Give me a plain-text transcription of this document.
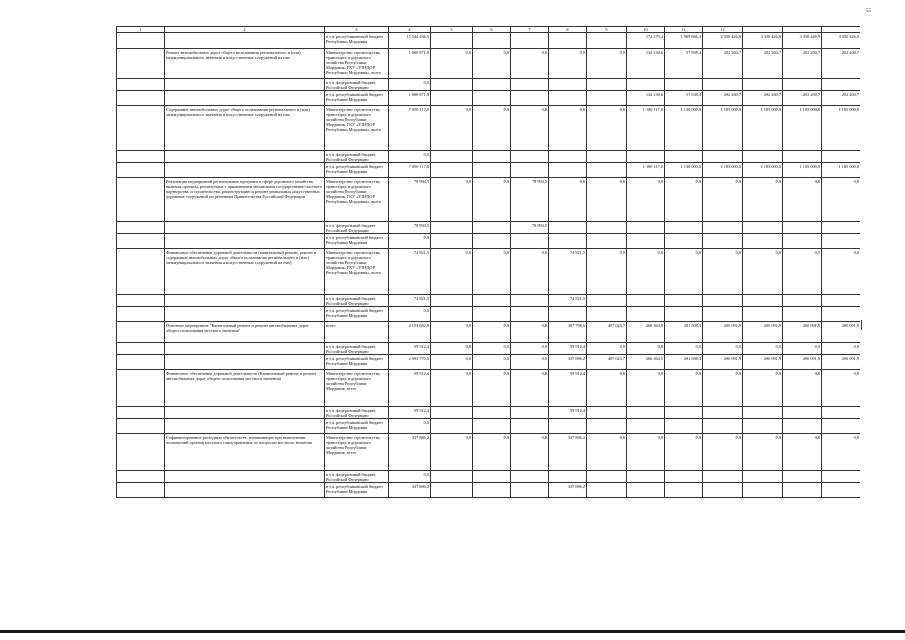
55
1	2	3	4	5	6	7	8	9	10	11	12			
		в т.ч. республиканский бюджет Республики Мордовия	15 544 436,5						172 279,4	1 969 666,3	2 350 426,9	3 350 426,9	3 350 426,9	3 350 426,9
	Ремонт автомобильных дорог общего пользования регионального и (или) межмуниципального значения и искусственных сооружений на них	Министерство строительства, транспорта и дорожного хозяйства Республики Мордовия, ГКУ «УПРДОР Республики Мордовия», всего	1 000 871,8	0,0	0,0	0,0	0,0	0,0	134 130,6	57 938,4	202 200,7	202 200,7	202 200,7	202 200,7
		в т.ч. федеральный бюджет Российской Федерации	0,0											
		в т.ч. республиканский бюджет Республики Мордовия	1 000 871,8						134 130,6	57 938,4	202 200,7	202 200,7	202 200,7	202 200,7
	Содержание автомобильных дорог общего пользования регионального и (или) межмуниципального значения и искусственных сооружений на них	Министерство строительства, транспорта и дорожного хозяйства Республики Мордовия, ГКУ «УПРДОР Республики Мордовия», всего	7 050 117,0	0,0	0,0	0,0	0,0	0,0	1 180 117,0	1 130 000,0	1 185 000,0	1 185 000,0	1 185 000,0	1 185 000,0
		в т.ч. федеральный бюджет Российской Федерации	0,0											
		в т.ч. республиканский бюджет Республики Мордовия	7 050 117,0						1 180 117,0	1 130 000,0	1 185 000,0	1 185 000,0	1 185 000,0	1 185 000,0
	Реализация мероприятий региональных программ в сфере дорожного хозяйства, включая проекты, реализуемые с применением механизмов государственно-частного партнерства, и строительство, реконструкцию и ремонт уникальных искусственных дорожных сооружений по решениям Правительства Российской Федерации	Министерство строительства, транспорта и дорожного хозяйства Республики Мордовия, ГКУ «УПРДОР Республики Мордовия», всего	78 994,5	0,0	0,0	78 994,5	0,0	0,0	0,0	0,0	0,0	0,0	0,0	0,0
		в т.ч. федеральный бюджет Российской Федерации	78 994,5			78 994,5								
		в т.ч. республиканский бюджет Республики Мордовия	0,0											
	Финансовое обеспечение дорожной деятельности (капитальный ремонт, ремонт и содержание автомобильных дорог общего пользования регионального и (или) межмуниципального значения и искусственных сооружений на них)	Министерство строительства, транспорта и дорожного хозяйства Республики Мордовия, ГКУ «УПРДОР Республики Мордовия», всего	74 821,5	0,0	0,0	0,0	74 821,5	0,0	0,0	0,0	0,0	0,0	0,0	0,0
		в т.ч. федеральный бюджет Российской Федерации	74 821,5				74 821,5							
		в т.ч. республиканский бюджет Республики Мордовия	0,0											
	Основное мероприятие "Капитальный ремонт и ремонт автомобильных дорог общего пользования местного значения"	всего	2 153 682,9	0,0	0,0	0,0	397 798,6	407 023,7	266 364,5	281 508,3	200 091,9	200 091,9	200 091,9	200 091,9
		в т.ч. федеральный бюджет Российской Федерации	59 912,4	0,0	0,0	0,0	59 912,4	0,0	0,0	0,0	0,0	0,0	0,0	0,0
		в т.ч. республиканский бюджет Республики Мордовия	2 093 770,5	0,0	0,0	0,0	337 886,2	407 023,7	266 364,5	281 508,3	200 091,9	200 091,9	200 091,9	200 091,9
	Финансовое обеспечение дорожной деятельности (Капитальный ремонт и ремонт автомобильных дорог общего пользования местного значения)	Министерство строительства, транспорта и дорожного хозяйства Республики Мордовия, всего	59 912,4	0,0	0,0	0,0	59 912,4	0,0	0,0	0,0	0,0	0,0	0,0	0,0
		в т.ч. федеральный бюджет Российской Федерации	59 912,4				59 912,4							
		в т.ч. республиканский бюджет Республики Мордовия	0,0											
	Софинансирование расходных обязательств, возникающих при выполнении полномочий органов местного самоуправления по вопросам местного значения	Министерство строительства, транспорта и дорожного хозяйства Республики Мордовия, всего	337 886,2	0,0	0,0	0,0	337 886,2	0,0	0,0	0,0	0,0	0,0	0,0	0,0
		в т.ч. федеральный бюджет Российской Федерации	0,0											
		в т.ч. республиканский бюджет Республики Мордовия	337 886,2				337 886,2							
